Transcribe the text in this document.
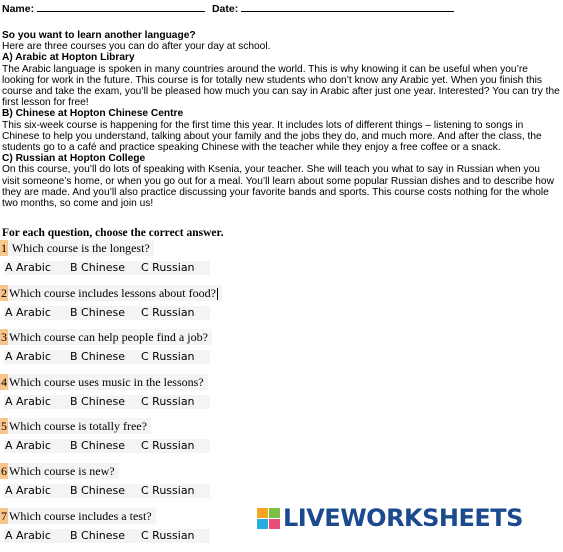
Name:	Date:
So you want to learn another language?

Here are three courses you can do after your day at school.

A) Arabic at Hopton Library

The Arabic language is spoken in many countries around the world. This is why knowing it can be useful when you’re looking for work in the future. This course is for totally new students who don’t know any Arabic yet. When you finish this course and take the exam, you’ll be pleased how much you can say in Arabic after just one year. Interested? You can try the first lesson for free!

B) Chinese at Hopton Chinese Centre

This six-week course is happening for the first time this year. It includes lots of different things – listening to songs in Chinese to help you understand, talking about your family and the jobs they do, and much more. And after the class, the students go to a café and practice speaking Chinese with the teacher while they enjoy a free coffee or a snack.

C) Russian at Hopton College

On this course, you’ll do lots of speaking with Ksenia, your teacher. She will teach you what to say in Russian when you visit someone’s home, or when you go out for a meal. You’ll learn about some popular Russian dishes and to describe how they are made. And you’ll also practice discussing your favorite bands and sports. This course costs nothing for the whole two months, so come and join us!

For each question, choose the correct answer.
1 Which course is the longest?
A Arabic B Chinese C Russian
2 Which course includes lessons about food?
A Arabic B Chinese C Russian
3 Which course can help people find a job?
A Arabic B Chinese C Russian
4 Which course uses music in the lessons?
A Arabic B Chinese C Russian
5 Which course is totally free?
A Arabic B Chinese C Russian
6 Which course is new?
A Arabic B Chinese C Russian
7 Which course includes a test?
A Arabic B Chinese C Russian
LIVEWORKSHEETS
